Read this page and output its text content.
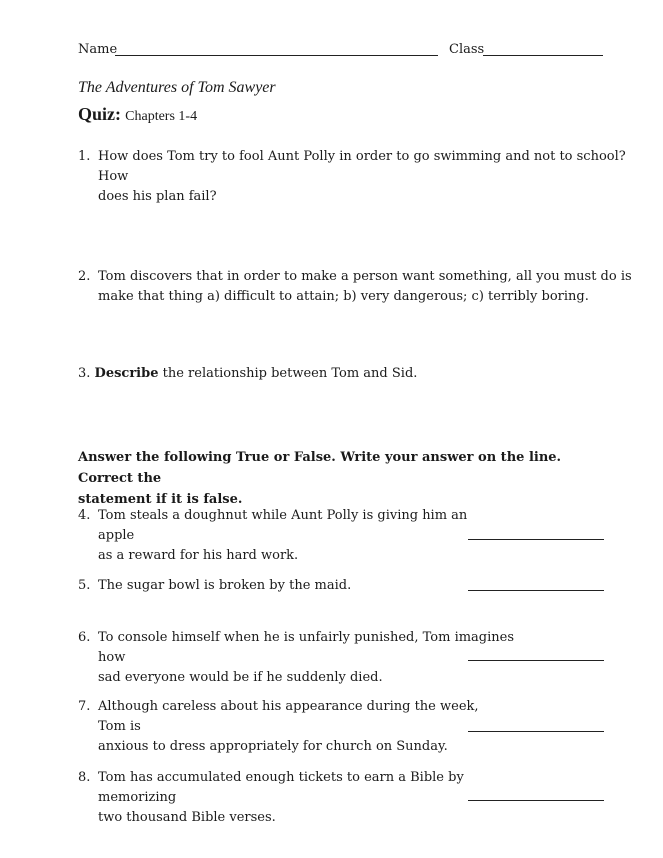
Name	Class
The Adventures of Tom Sawyer
Quiz: Chapters 1-4
1. How does Tom try to fool Aunt Polly in order to go swimming and not to school? How
does his plan fail?
2. Tom discovers that in order to make a person want something, all you must do is
make that thing a) difficult to attain; b) very dangerous; c) terribly boring.
3. Describe the relationship between Tom and Sid.
Answer the following True or False. Write your answer on the line. Correct the
statement if it is false.
4. Tom steals a doughnut while Aunt Polly is giving him an apple
as a reward for his hard work.
5. The sugar bowl is broken by the maid.
6. To console himself when he is unfairly punished, Tom imagines how
sad everyone would be if he suddenly died.
7. Although careless about his appearance during the week, Tom is
anxious to dress appropriately for church on Sunday.
8. Tom has accumulated enough tickets to earn a Bible by memorizing
two thousand Bible verses.
